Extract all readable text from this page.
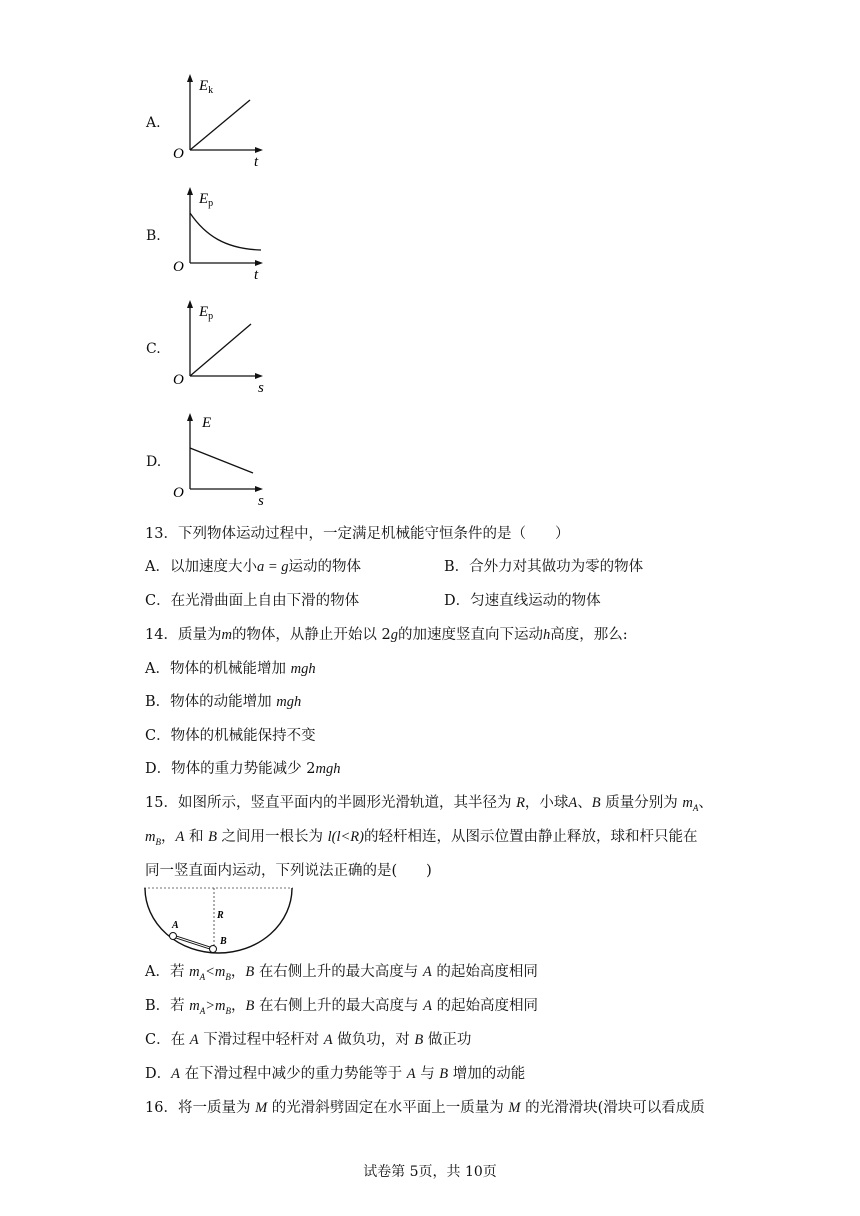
A.
$E_k$
O	t
B.
$E_p$
O	t
C.
$E_p$
O	s
D.
E
O	s
13．下列物体运动过程中，一定满足机械能守恒条件的是（　　）
A．以加速度大小a = g运动的物体	B．合外力对其做功为零的物体
C．在光滑曲面上自由下滑的物体	D．匀速直线运动的物体
14．质量为m的物体，从静止开始以 2g的加速度竖直向下运动h高度，那么:
A．物体的机械能增加 mgh
B．物体的动能增加 mgh
C．物体的机械能保持不变
D．物体的重力势能减少 2mgh
15．如图所示，竖直平面内的半圆形光滑轨道，其半径为 R，小球A、B 质量分别为 $m_A$、
$m_B$，A 和 B 之间用一根长为 l(l<R)的轻杆相连，从图示位置由静止释放，球和杆只能在
同一竖直面内运动，下列说法正确的是(　　)
A
B
R
A．若 $m_A<m_B$，B 在右侧上升的最大高度与 A 的起始高度相同
B．若 $m_A>m_B$，B 在右侧上升的最大高度与 A 的起始高度相同
C．在 A 下滑过程中轻杆对 A 做负功，对 B 做正功
D．A 在下滑过程中减少的重力势能等于 A 与 B 增加的动能
16．将一质量为 M 的光滑斜劈固定在水平面上一质量为 M 的光滑滑块(滑块可以看成质
试卷第 5页，共 10页
